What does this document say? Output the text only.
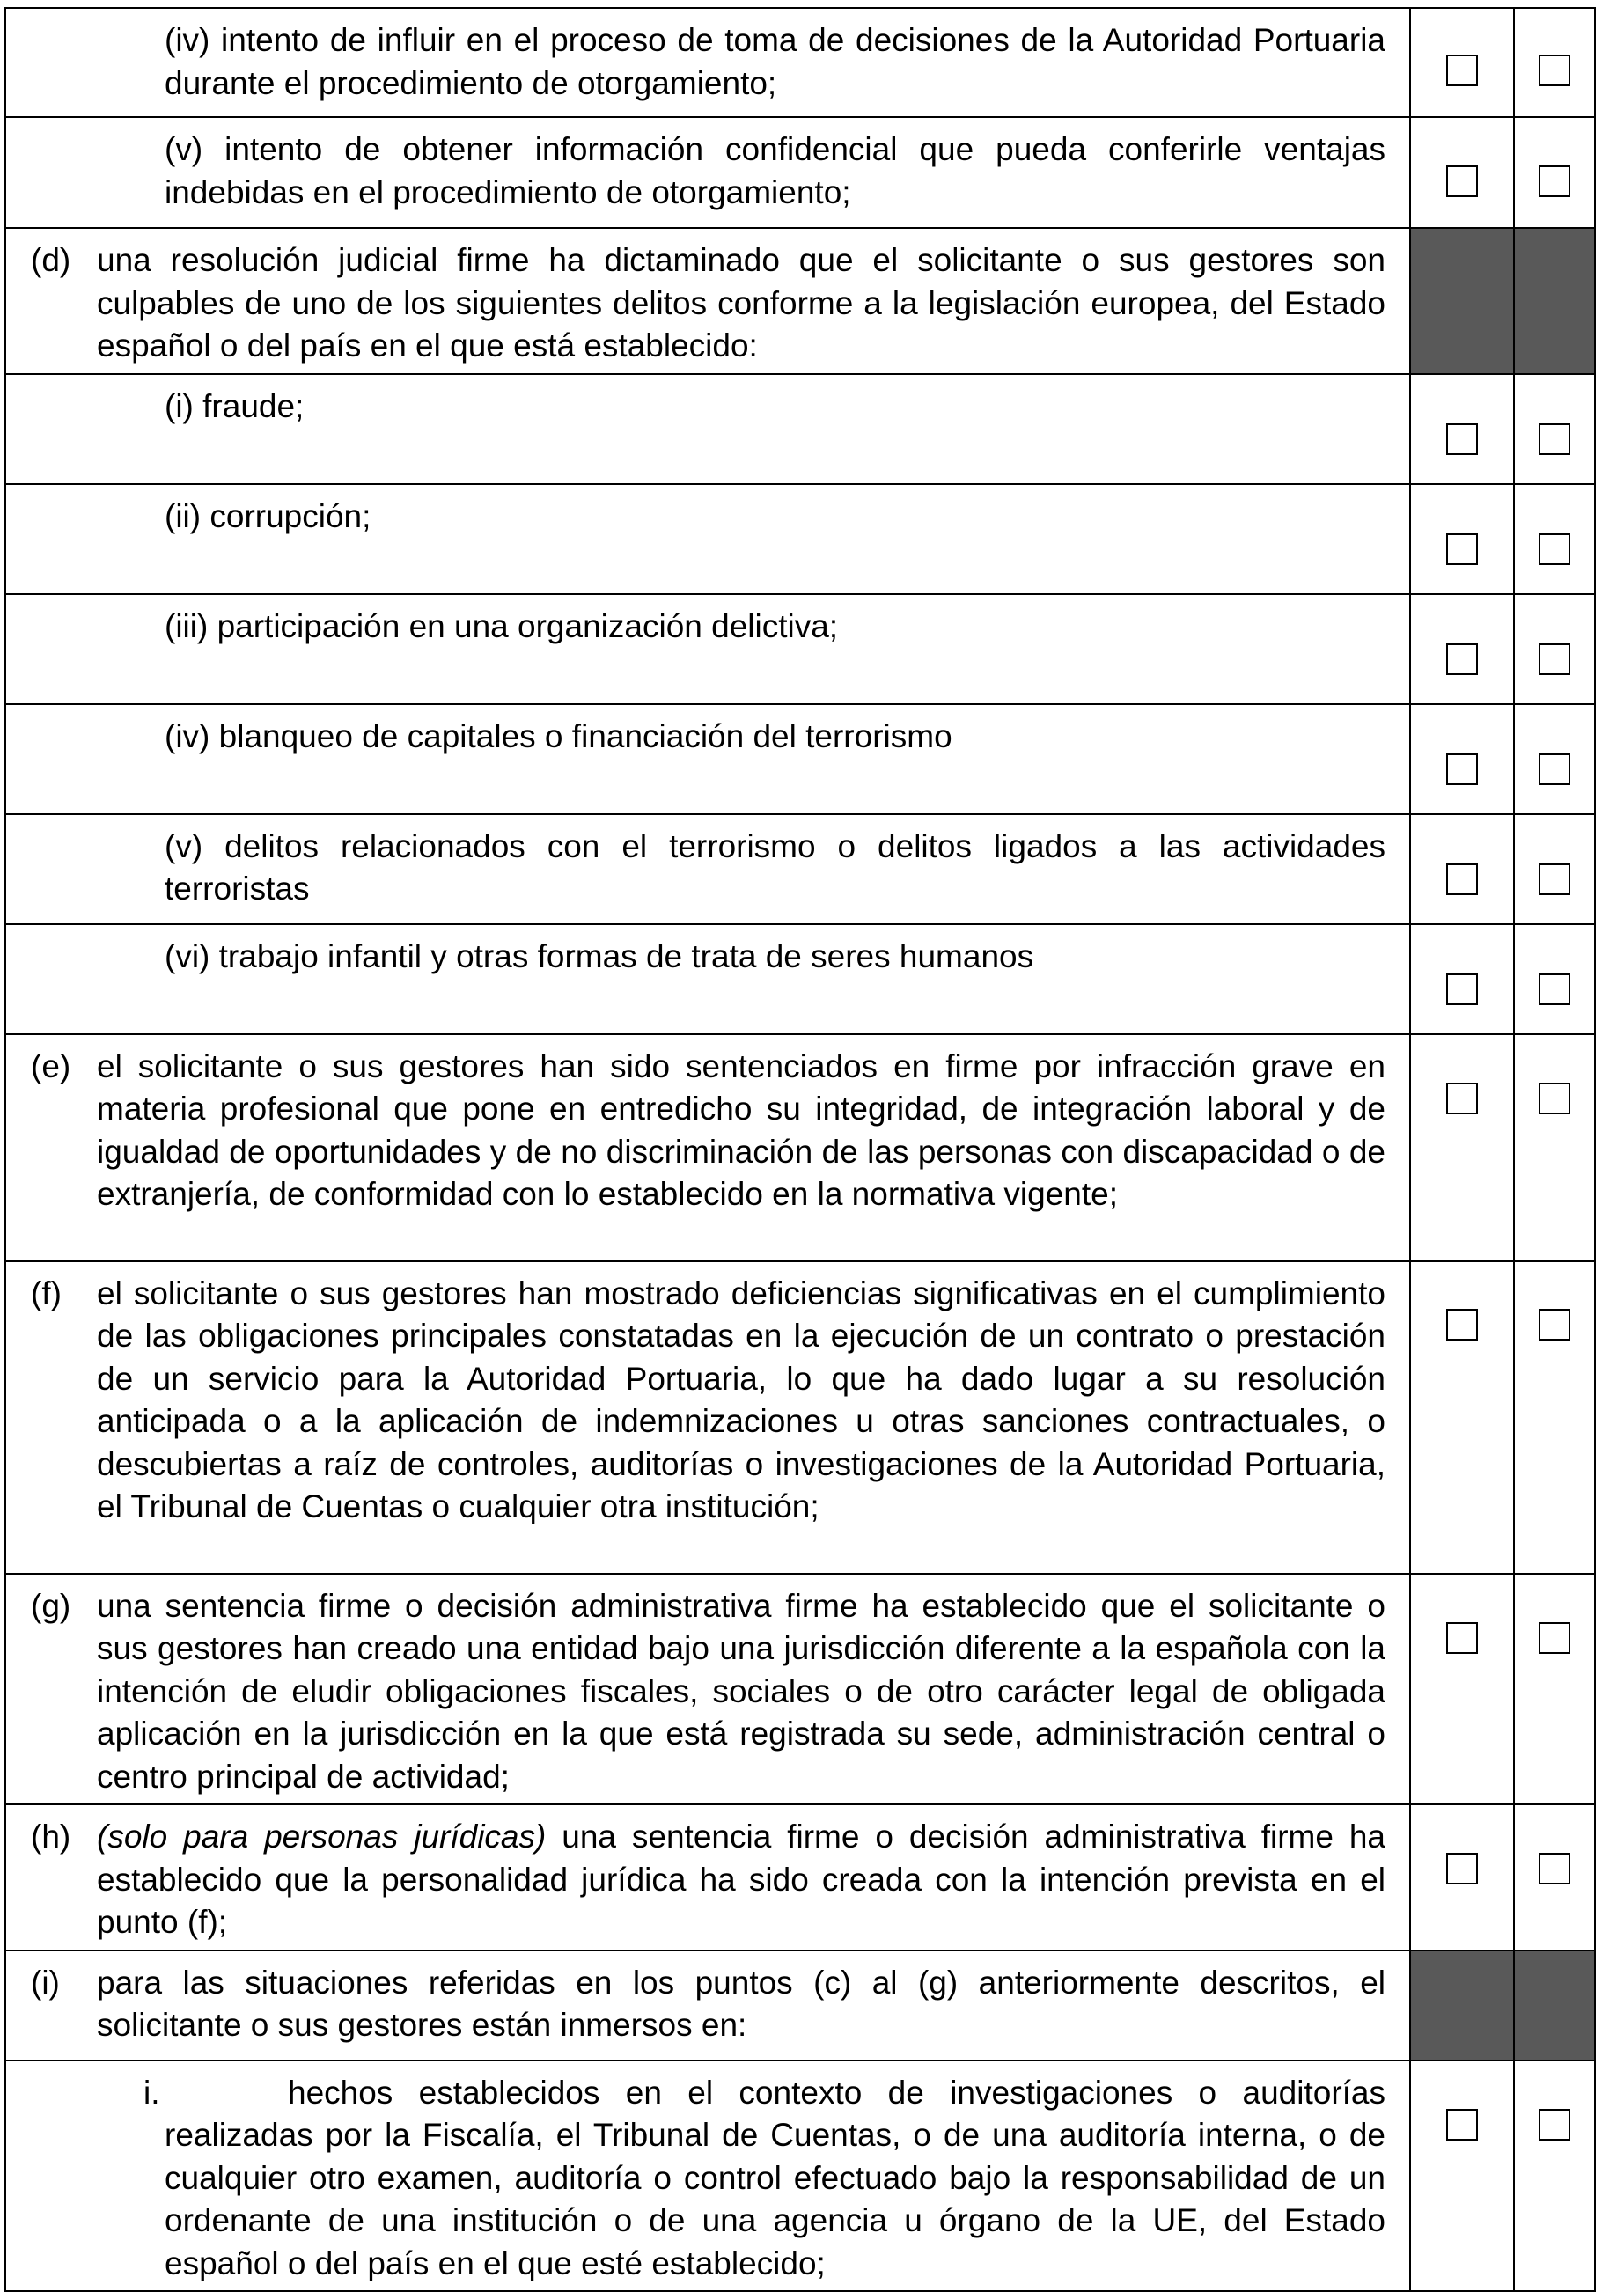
(iv) intento de influir en el proceso de toma de decisiones de la Autoridad Portuaria durante el procedimiento de otorgamiento;		

(v) intento de obtener información confidencial que pueda conferirle ventajas indebidas en el procedimiento de otorgamiento;		

(d) una resolución judicial firme ha dictaminado que el solicitante o sus gestores son culpables de uno de los siguientes delitos conforme a la legislación europea, del Estado español o del país en el que está establecido:		

(i) fraude;		

(ii) corrupción;		

(iii) participación en una organización delictiva;		

(iv) blanqueo de capitales o financiación del terrorismo		

(v) delitos relacionados con el terrorismo o delitos ligados a las actividades terroristas		

(vi) trabajo infantil y otras formas de trata de seres humanos		

(e) el solicitante o sus gestores han sido sentenciados en firme por infracción grave en materia profesional que pone en entredicho su integridad, de integración laboral y de igualdad de oportunidades y de no discriminación de las personas con discapacidad o de extranjería, de conformidad con lo establecido en la normativa vigente;		

(f) el solicitante o sus gestores han mostrado deficiencias significativas en el cumplimiento de las obligaciones principales constatadas en la ejecución de un contrato o prestación de un servicio para la Autoridad Portuaria, lo que ha dado lugar a su resolución anticipada o a la aplicación de indemnizaciones u otras sanciones contractuales, o descubiertas a raíz de controles, auditorías o investigaciones de la Autoridad Portuaria, el Tribunal de Cuentas o cualquier otra institución;		

(g) una sentencia firme o decisión administrativa firme ha establecido que el solicitante o sus gestores han creado una entidad bajo una jurisdicción diferente a la española con la intención de eludir obligaciones fiscales, sociales o de otro carácter legal de obligada aplicación en la jurisdicción en la que está registrada su sede, administración central o centro principal de actividad;		

(h) (solo para personas jurídicas) una sentencia firme o decisión administrativa firme ha establecido que la personalidad jurídica ha sido creada con la intención prevista en el punto (f);		

(i) para las situaciones referidas en los puntos (c) al (g) anteriormente descritos, el solicitante o sus gestores están inmersos en:		

i. hechos establecidos en el contexto de investigaciones o auditorías realizadas por la Fiscalía, el Tribunal de Cuentas, o de una auditoría interna, o de cualquier otro examen, auditoría o control efectuado bajo la responsabilidad de un ordenante de una institución o de una agencia u órgano de la UE, del Estado español o del país en el que esté establecido;		
